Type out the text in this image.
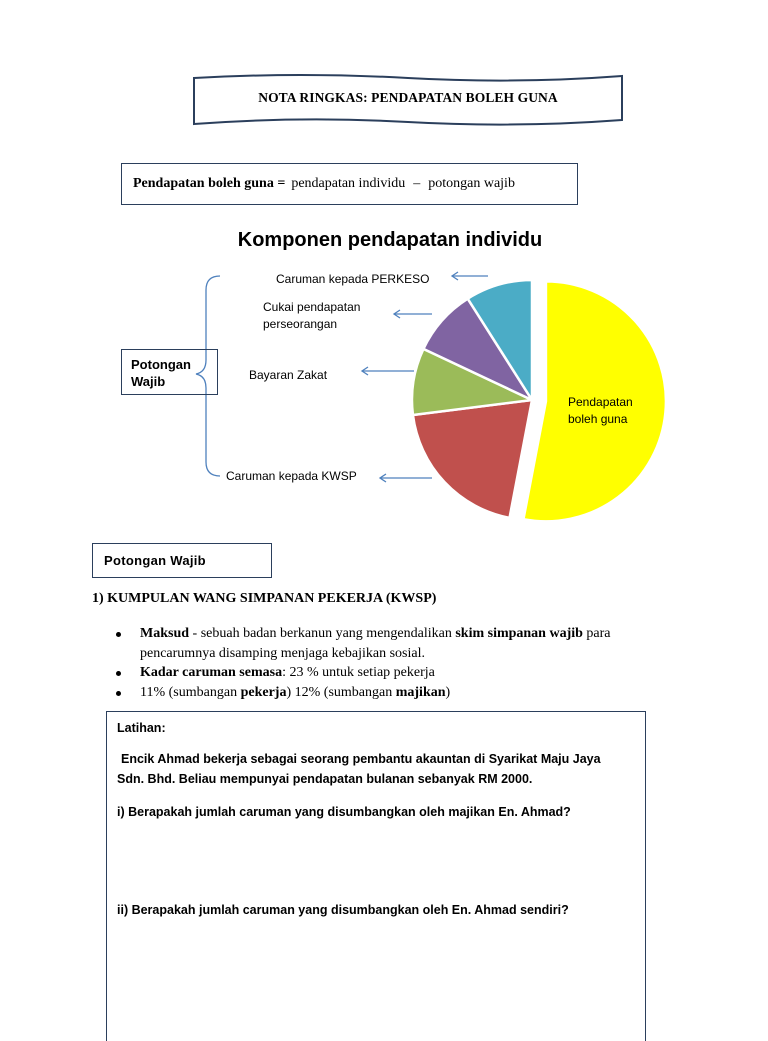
NOTA RINGKAS: PENDAPATAN BOLEH GUNA
Pendapatan boleh guna = pendapatan individu – potongan wajib
Komponen pendapatan individu
Caruman kepada PERKESO
Cukai pendapatan
perseorangan
Bayaran Zakat
Caruman kepada KWSP
Pendapatan
boleh guna
Potongan
Wajib
Potongan Wajib
1) KUMPULAN WANG SIMPANAN PEKERJA (KWSP)
Maksud - sebuah badan berkanun yang mengendalikan skim simpanan wajib para pencarumnya disamping menjaga kebajikan sosial.
Kadar caruman semasa: 23 % untuk setiap pekerja
11% (sumbangan pekerja) 12% (sumbangan majikan)
Latihan:
Encik Ahmad bekerja sebagai seorang pembantu akauntan di Syarikat Maju Jaya Sdn. Bhd. Beliau mempunyai pendapatan bulanan sebanyak RM 2000.
i) Berapakah jumlah caruman yang disumbangkan oleh majikan En. Ahmad?
ii) Berapakah jumlah caruman yang disumbangkan oleh En. Ahmad sendiri?
